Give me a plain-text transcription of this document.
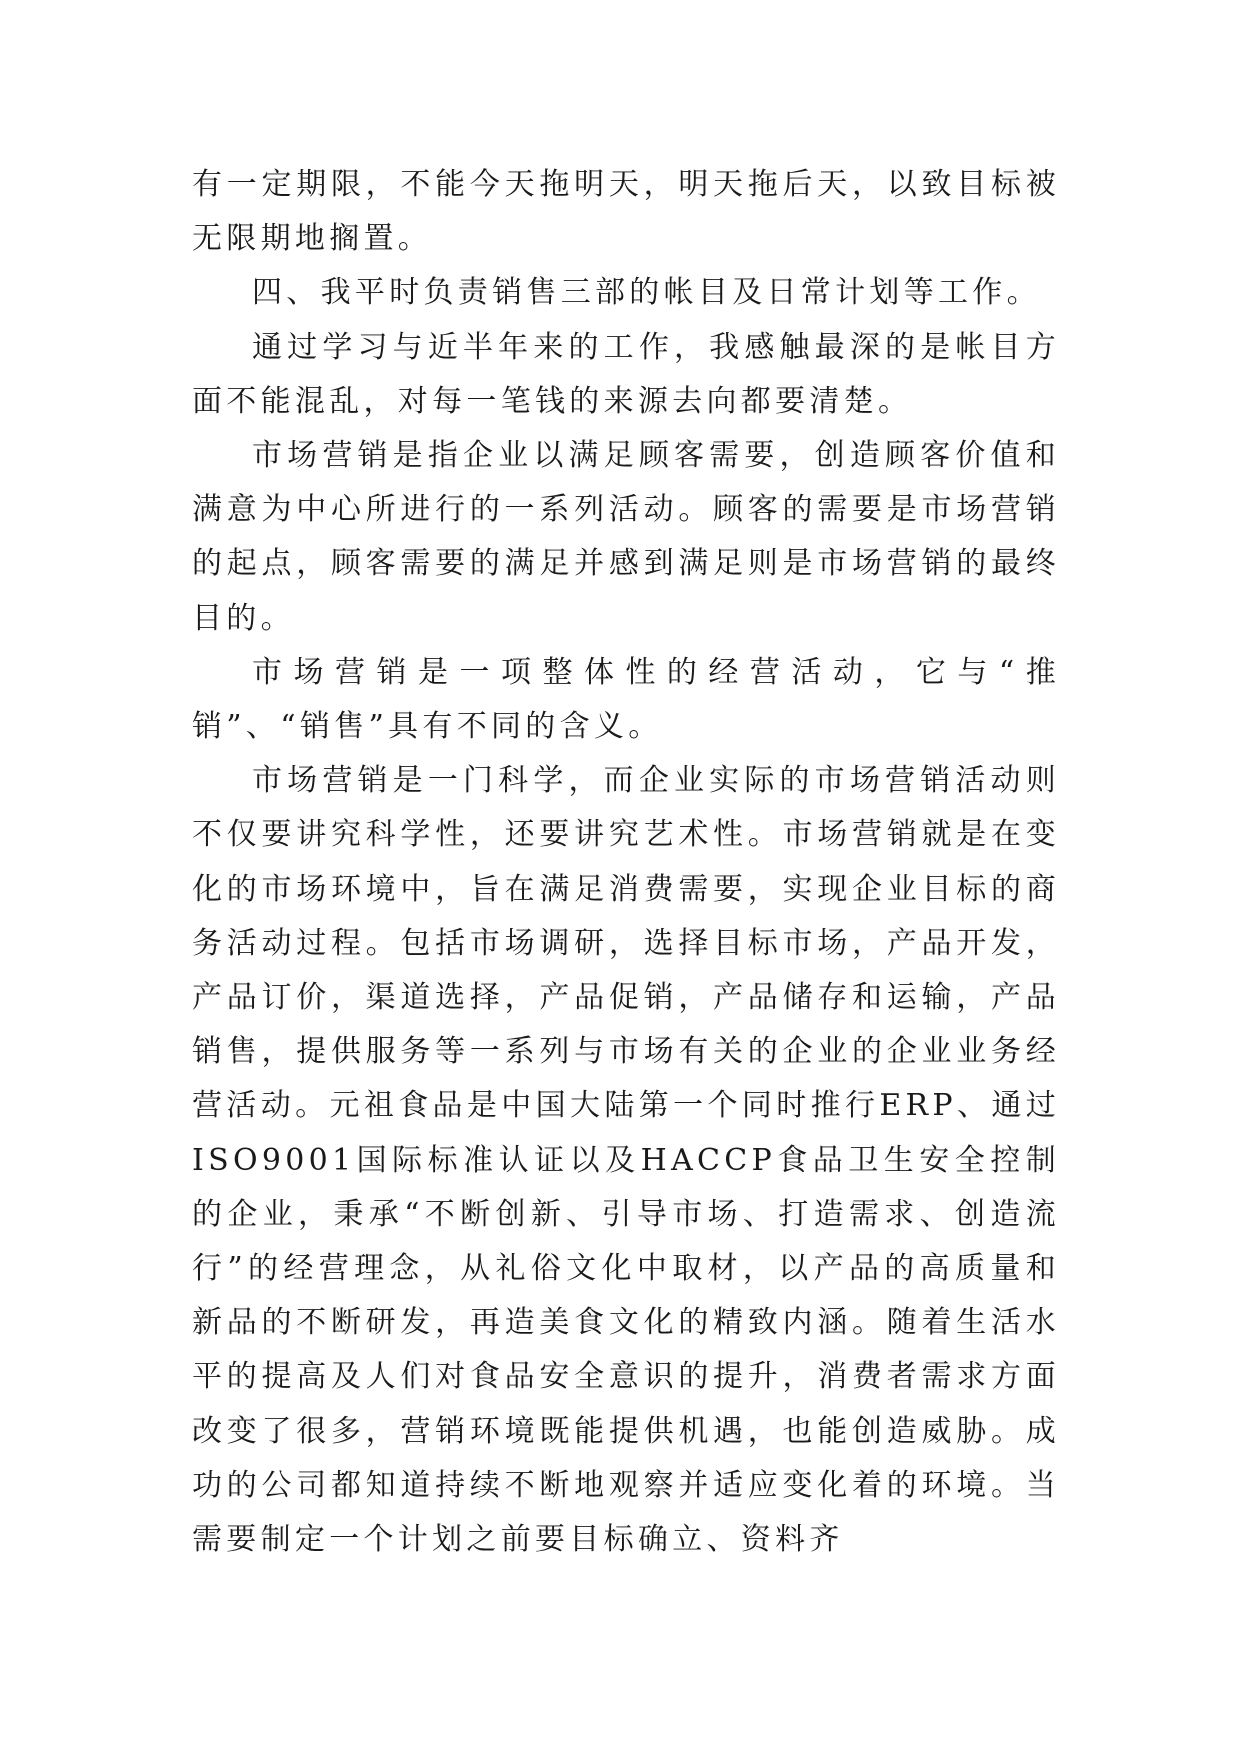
有一定期限，不能今天拖明天，明天拖后天，以致目标被无限期地搁置。

四、我平时负责销售三部的帐目及日常计划等工作。

通过学习与近半年来的工作，我感触最深的是帐目方面不能混乱，对每一笔钱的来源去向都要清楚。

市场营销是指企业以满足顾客需要，创造顾客价值和满意为中心所进行的一系列活动。顾客的需要是市场营销的起点，顾客需要的满足并感到满足则是市场营销的最终目的。

市场营销是一项整体性的经营活动，它与“推销”、“销售”具有不同的含义。

市场营销是一门科学，而企业实际的市场营销活动则不仅要讲究科学性，还要讲究艺术性。市场营销就是在变化的市场环境中，旨在满足消费需要，实现企业目标的商务活动过程。包括市场调研，选择目标市场，产品开发，产品订价，渠道选择，产品促销，产品储存和运输，产品销售，提供服务等一系列与市场有关的企业的企业业务经营活动。元祖食品是中国大陆第一个同时推行ERP、通过ISO9001国际标准认证以及HACCP食品卫生安全控制的企业，秉承“不断创新、引导市场、打造需求、创造流行”的经营理念，从礼俗文化中取材，以产品的高质量和新品的不断研发，再造美食文化的精致内涵。随着生活水平的提高及人们对食品安全意识的提升，消费者需求方面改变了很多，营销环境既能提供机遇，也能创造威胁。成功的公司都知道持续不断地观察并适应变化着的环境。当需要制定一个计划之前要目标确立、资料齐
